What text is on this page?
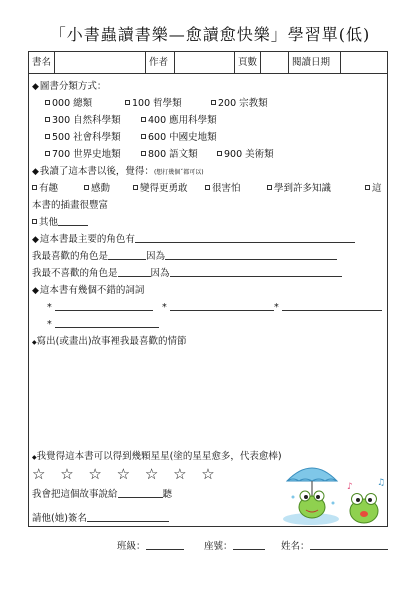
「小書蟲讀書樂—愈讀愈快樂」學習單(低)
書名	作者	頁數	閱讀日期
◆圖書分類方式：
000 總類	100 哲學類	200 宗教類
300 自然科學類	400 應用科學類
500 社會科學類	600 中國史地類
700 世界史地類	800 語文類	900 美術類
◆我讀了這本書以後，覺得：(想打幾個ˇ都可以)
有趣	感動	變得更勇敢	很害怕	學到許多知識	這
本書的插畫很豐富
其他
◆這本書最主要的角色有
我最喜歡的角色是	因為
我最不喜歡的角色是	因為
◆這本書有幾個不錯的詞詞
*	*	*
*
◆寫出(或畫出)故事裡我最喜歡的情節
◆我覺得這本書可以得到幾顆星星(塗的星星愈多，代表愈棒)
☆ ☆ ☆ ☆ ☆ ☆ ☆
我會把這個故事說給	聽
請他(她)簽名
♪	♫
班級：	座號：	姓名：
